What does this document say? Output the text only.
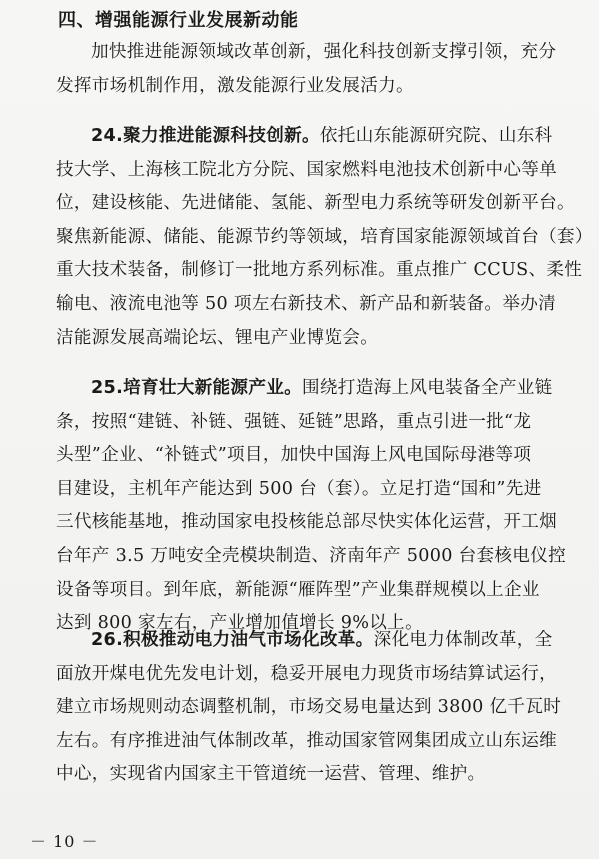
四、增强能源行业发展新动能
加快推进能源领域改革创新，强化科技创新支撑引领，充分
发挥市场机制作用，激发能源行业发展活力。
24.聚力推进能源科技创新。依托山东能源研究院、山东科
技大学、上海核工院北方分院、国家燃料电池技术创新中心等单
位，建设核能、先进储能、氢能、新型电力系统等研发创新平台。
聚焦新能源、储能、能源节约等领域，培育国家能源领域首台（套）
重大技术装备，制修订一批地方系列标准。重点推广 CCUS、柔性
输电、液流电池等 50 项左右新技术、新产品和新装备。举办清
洁能源发展高端论坛、锂电产业博览会。
25.培育壮大新能源产业。围绕打造海上风电装备全产业链
条，按照“建链、补链、强链、延链”思路，重点引进一批“龙
头型”企业、“补链式”项目，加快中国海上风电国际母港等项
目建设，主机年产能达到 500 台（套）。立足打造“国和”先进
三代核能基地，推动国家电投核能总部尽快实体化运营，开工烟
台年产 3.5 万吨安全壳模块制造、济南年产 5000 台套核电仪控
设备等项目。到年底，新能源“雁阵型”产业集群规模以上企业
达到 800 家左右，产业增加值增长 9%以上。
26.积极推动电力油气市场化改革。深化电力体制改革，全
面放开煤电优先发电计划，稳妥开展电力现货市场结算试运行，
建立市场规则动态调整机制，市场交易电量达到 3800 亿千瓦时
左右。有序推进油气体制改革，推动国家管网集团成立山东运维
中心，实现省内国家主干管道统一运营、管理、维护。
－ 10 －
